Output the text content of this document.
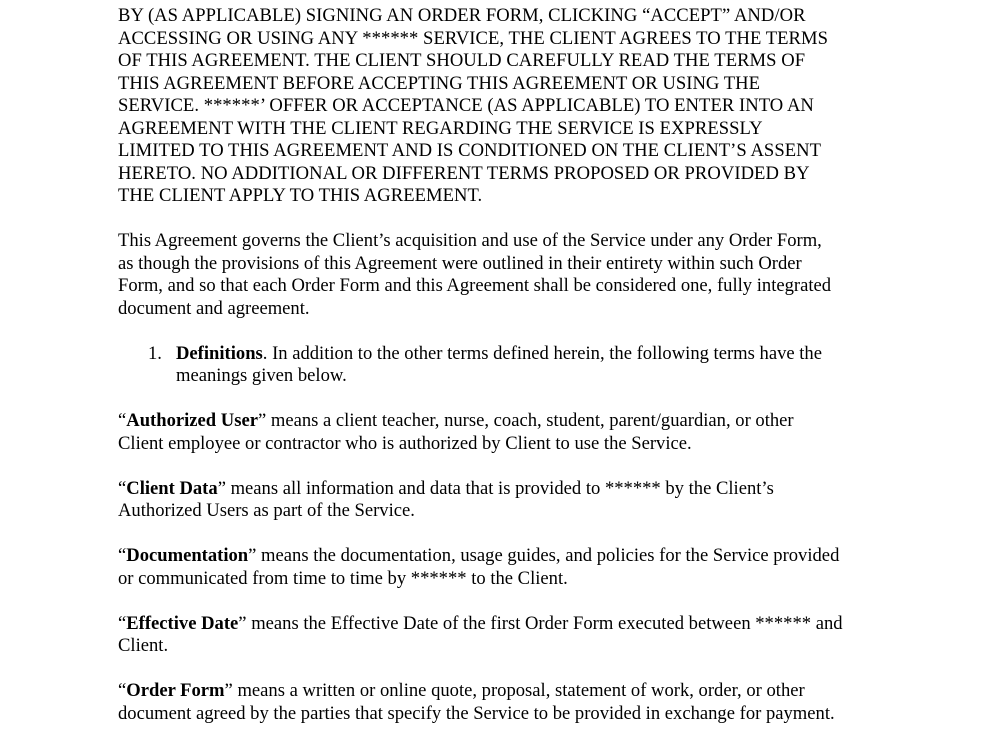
BY (AS APPLICABLE) SIGNING AN ORDER FORM, CLICKING “ACCEPT” AND/OR
ACCESSING OR USING ANY ****** SERVICE, THE CLIENT AGREES TO THE TERMS
OF THIS AGREEMENT. THE CLIENT SHOULD CAREFULLY READ THE TERMS OF
THIS AGREEMENT BEFORE ACCEPTING THIS AGREEMENT OR USING THE
SERVICE. ******’ OFFER OR ACCEPTANCE (AS APPLICABLE) TO ENTER INTO AN
AGREEMENT WITH THE CLIENT REGARDING THE SERVICE IS EXPRESSLY
LIMITED TO THIS AGREEMENT AND IS CONDITIONED ON THE CLIENT’S ASSENT
HERETO. NO ADDITIONAL OR DIFFERENT TERMS PROPOSED OR PROVIDED BY
THE CLIENT APPLY TO THIS AGREEMENT.

This Agreement governs the Client’s acquisition and use of the Service under any Order Form,
as though the provisions of this Agreement were outlined in their entirety within such Order
Form, and so that each Order Form and this Agreement shall be considered one, fully integrated
document and agreement.

1. Definitions. In addition to the other terms defined herein, the following terms have the
meanings given below.

“Authorized User” means a client teacher, nurse, coach, student, parent/guardian, or other
Client employee or contractor who is authorized by Client to use the Service.

“Client Data” means all information and data that is provided to ****** by the Client’s
Authorized Users as part of the Service.

“Documentation” means the documentation, usage guides, and policies for the Service provided
or communicated from time to time by ****** to the Client.

“Effective Date” means the Effective Date of the first Order Form executed between ****** and
Client.

“Order Form” means a written or online quote, proposal, statement of work, order, or other
document agreed by the parties that specify the Service to be provided in exchange for payment.
